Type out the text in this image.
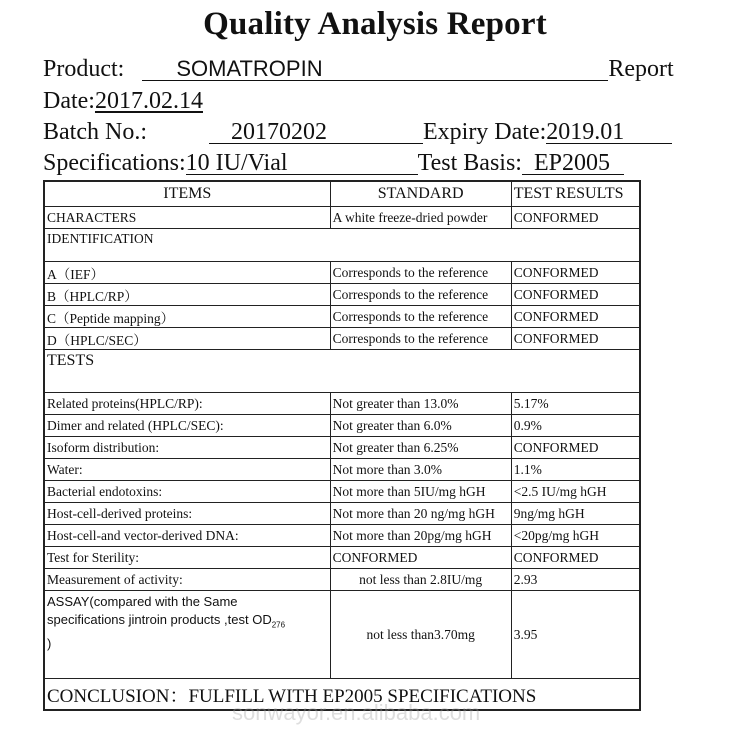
Quality Analysis Report
Product: SOMATROPIN	Report
Date:2017.02.14
Batch No.:	20170202	Expiry Date:2019.01
Specifications:10 IU/Vial	Test Basis: EP2005
ITEMS	STANDARD	TEST RESULTS
CHARACTERS	A white freeze-dried powder	CONFORMED
IDENTIFICATION		
A（IEF）	Corresponds to the reference	CONFORMED
B（HPLC/RP）	Corresponds to the reference	CONFORMED
C（Peptide mapping）	Corresponds to the reference	CONFORMED
D（HPLC/SEC）	Corresponds to the reference	CONFORMED
TESTS		
Related proteins(HPLC/RP):	Not greater than 13.0%	5.17%
Dimer and related (HPLC/SEC):	Not greater than 6.0%	0.9%
Isoform distribution:	Not greater than 6.25%	CONFORMED
Water:	Not more than 3.0%	1.1%
Bacterial endotoxins:	Not more than 5IU/mg hGH	<2.5 IU/mg hGH
Host-cell-derived proteins:	Not more than 20 ng/mg hGH	9ng/mg hGH
Host-cell-and vector-derived DNA:	Not more than 20pg/mg hGH	<20pg/mg hGH
Test for Sterility:	CONFORMED	CONFORMED
Measurement of activity:	not less than 2.8IU/mg	2.93

ASSAY(compared with the Same
specifications jintroin products ,test $OD_{276}$
)	not less than3.70mg	3.95
CONCLUSION：FULFILL WITH EP2005 SPECIFICATIONS		
sonwayor.en.alibaba.com
